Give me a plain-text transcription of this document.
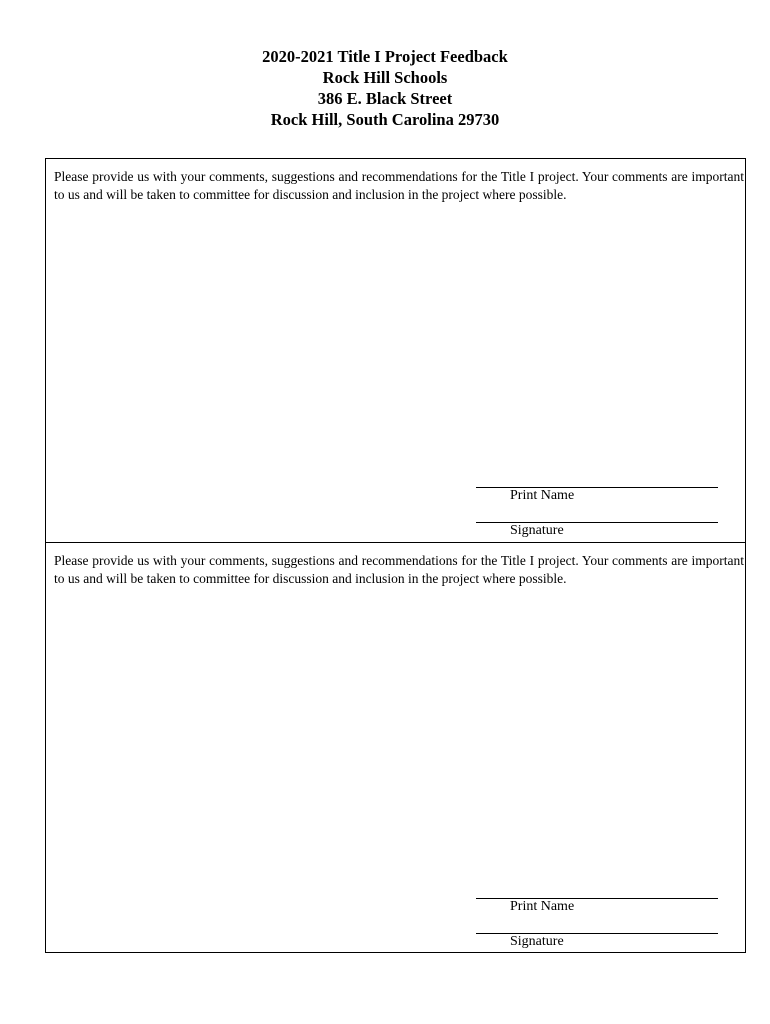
2020-2021 Title I Project Feedback
Rock Hill Schools
386 E. Black Street
Rock Hill, South Carolina 29730
Please provide us with your comments, suggestions and recommendations for the Title I project. Your comments are important to us and will be taken to committee for discussion and inclusion in the project where possible.
Print Name
Signature
Please provide us with your comments, suggestions and recommendations for the Title I project. Your comments are important to us and will be taken to committee for discussion and inclusion in the project where possible.
Print Name
Signature
